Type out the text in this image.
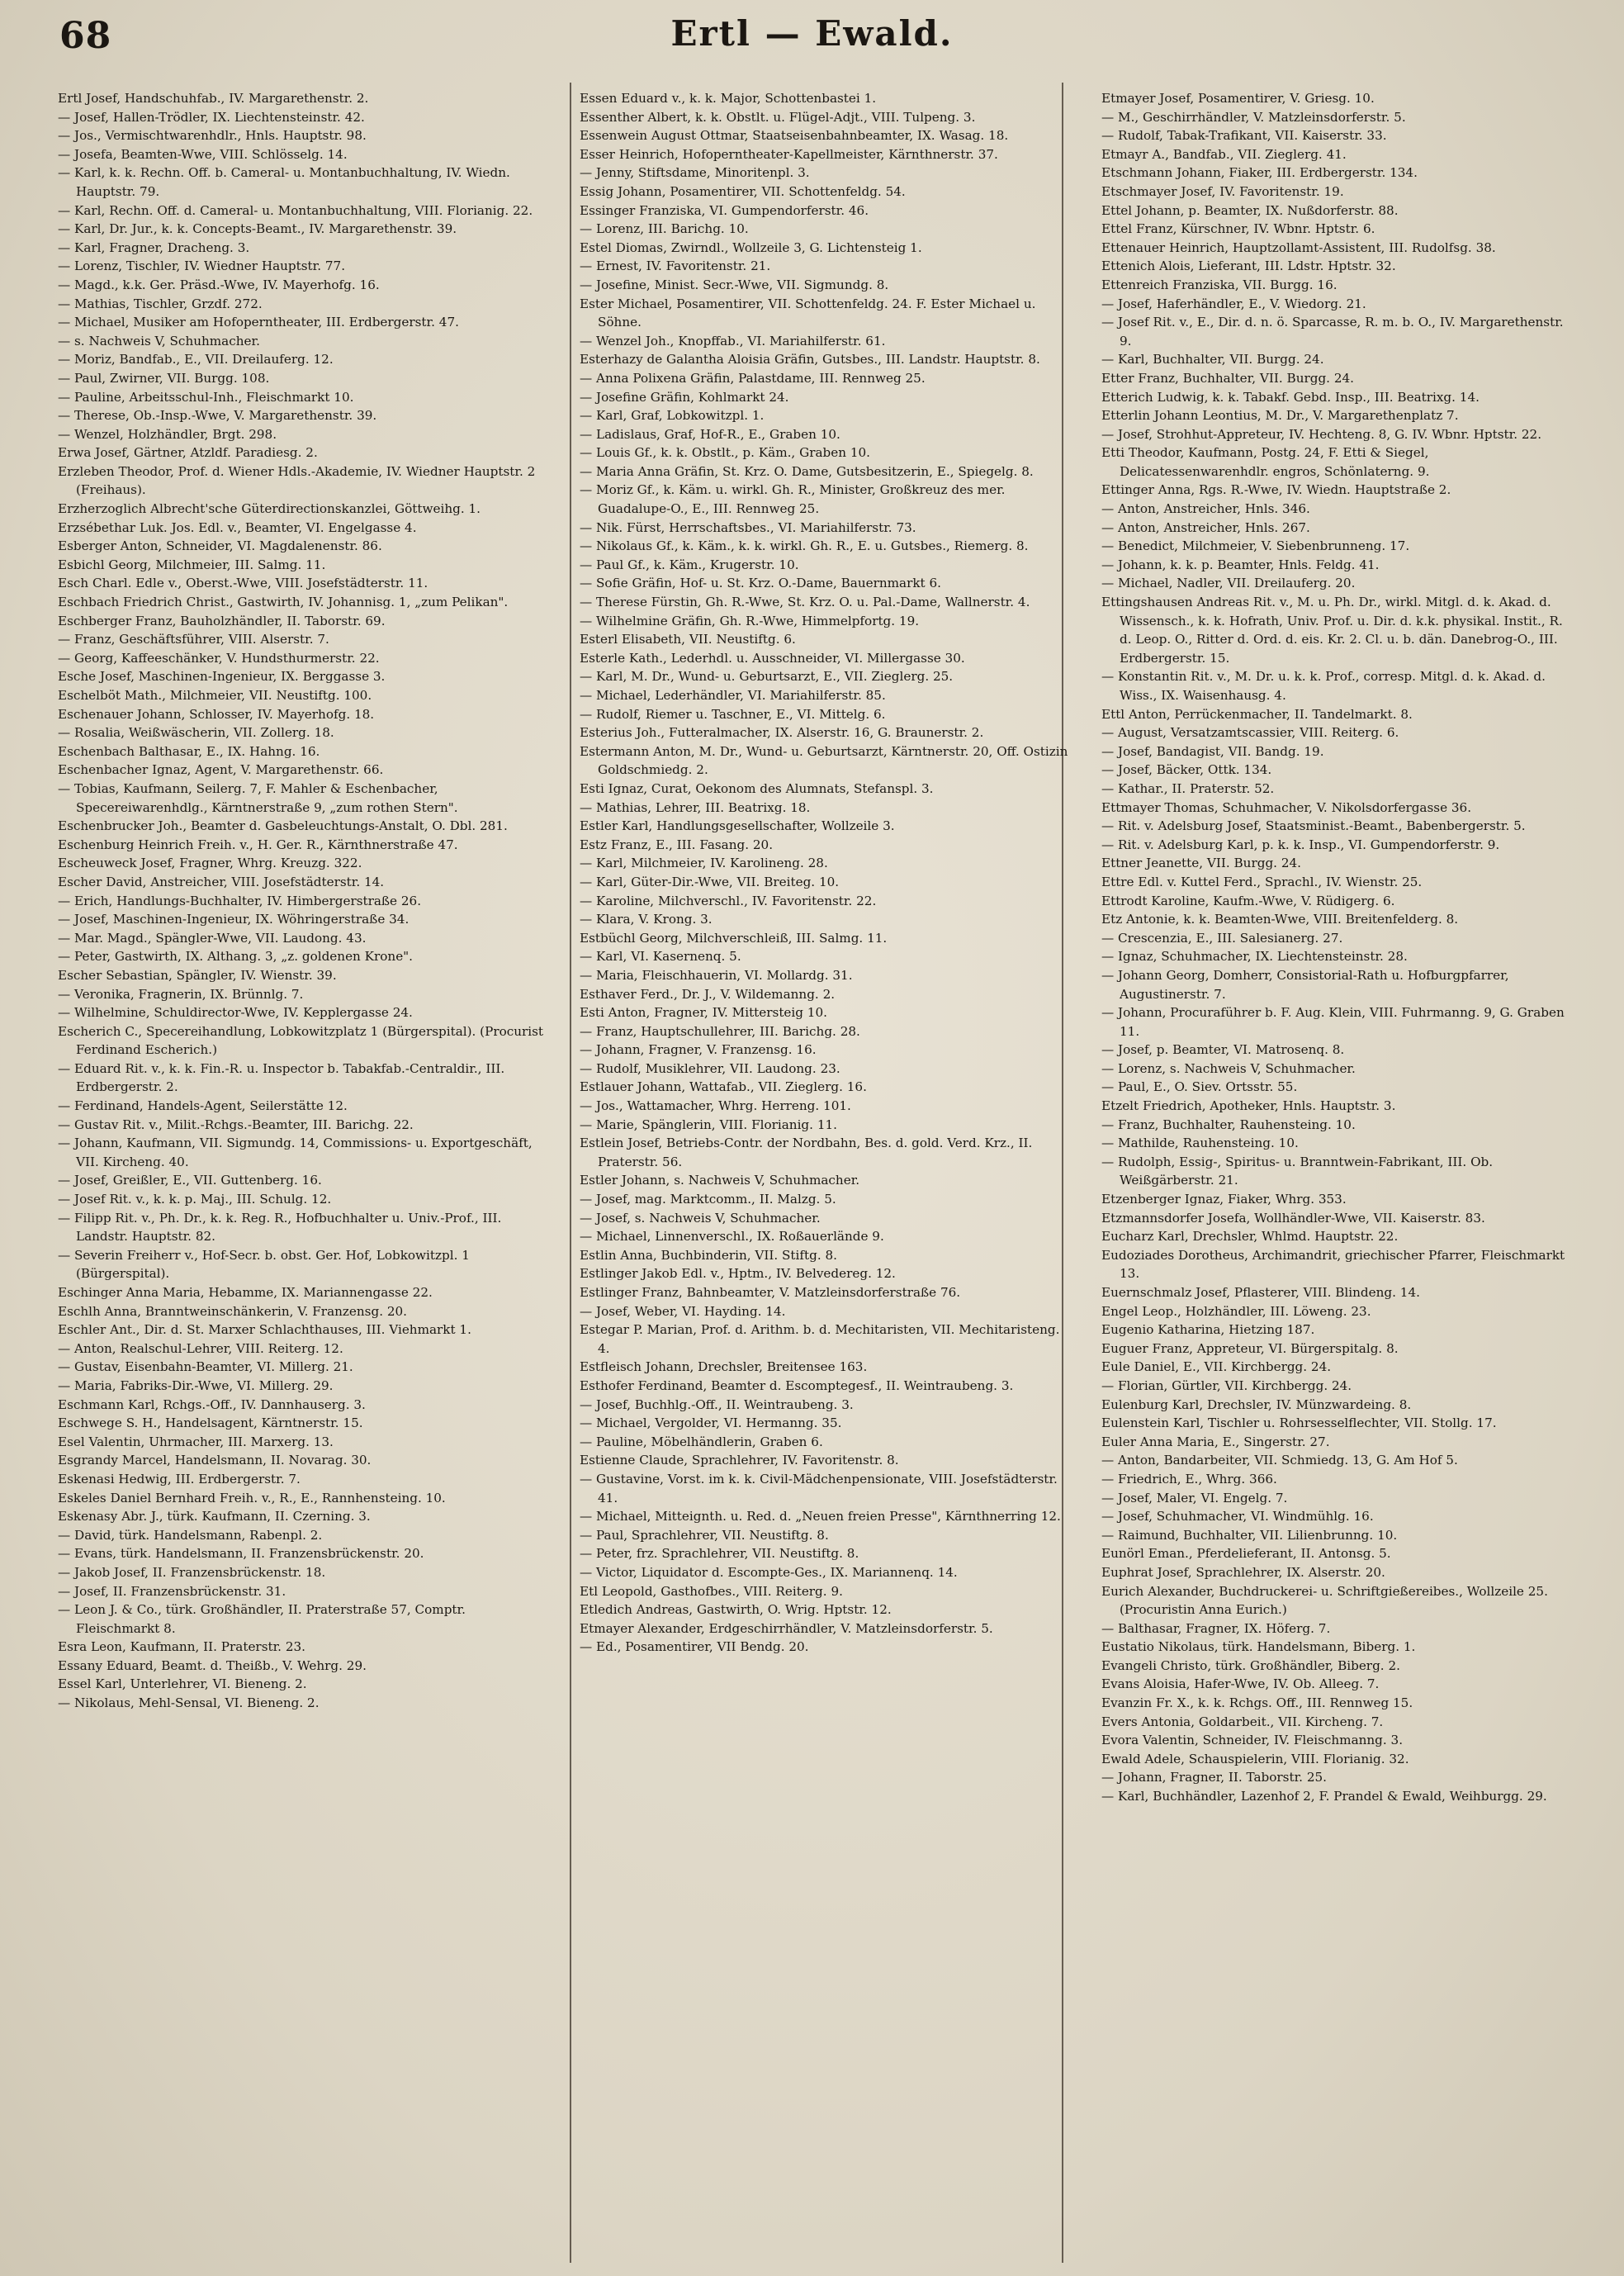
68	Ertl — Ewald.

Ertl Josef, Handschuhfab., IV. Margarethenstr. 2.

— Josef, Hallen-Trödler, IX. Liechtensteinstr. 42.

— Jos., Vermischtwarenhdlr., Hnls. Hauptstr. 98.

— Josefa, Beamten-Wwe, VIII. Schlösselg. 14.

— Karl, k. k. Rechn. Off. b. Cameral- u. Montanbuchhaltung, IV. Wiedn. Hauptstr. 79.

— Karl, Rechn. Off. d. Cameral- u. Montanbuchhaltung, VIII. Florianig. 22.

— Karl, Dr. Jur., k. k. Concepts-Beamt., IV. Margarethenstr. 39.

— Karl, Fragner, Dracheng. 3.

— Lorenz, Tischler, IV. Wiedner Hauptstr. 77.

— Magd., k.k. Ger. Präsd.-Wwe, IV. Mayerhofg. 16.

— Mathias, Tischler, Grzdf. 272.

— Michael, Musiker am Hofoperntheater, III. Erdbergerstr. 47.

— s. Nachweis V, Schuhmacher.

— Moriz, Bandfab., E., VII. Dreilauferg. 12.

— Paul, Zwirner, VII. Burgg. 108.

— Pauline, Arbeitsschul-Inh., Fleischmarkt 10.

— Therese, Ob.-Insp.-Wwe, V. Margarethenstr. 39.

— Wenzel, Holzhändler, Brgt. 298.

Erwa Josef, Gärtner, Atzldf. Paradiesg. 2.

Erzleben Theodor, Prof. d. Wiener Hdls.-Akademie, IV. Wiedner Hauptstr. 2 (Freihaus).

Erzherzoglich Albrecht'sche Güterdirectionskanzlei, Göttweihg. 1.

Erzsébethar Luk. Jos. Edl. v., Beamter, VI. Engelgasse 4.

Esberger Anton, Schneider, VI. Magdalenenstr. 86.

Esbichl Georg, Milchmeier, III. Salmg. 11.

Esch Charl. Edle v., Oberst.-Wwe, VIII. Josefstädterstr. 11.

Eschbach Friedrich Christ., Gastwirth, IV. Johannisg. 1, „zum Pelikan".

Eschberger Franz, Bauholzhändler, II. Taborstr. 69.

— Franz, Geschäftsführer, VIII. Alserstr. 7.

— Georg, Kaffeeschänker, V. Hundsthurmerstr. 22.

Esche Josef, Maschinen-Ingenieur, IX. Berggasse 3.

Eschelböt Math., Milchmeier, VII. Neustiftg. 100.

Eschenauer Johann, Schlosser, IV. Mayerhofg. 18.

— Rosalia, Weißwäscherin, VII. Zollerg. 18.

Eschenbach Balthasar, E., IX. Hahng. 16.

Eschenbacher Ignaz, Agent, V. Margarethenstr. 66.

— Tobias, Kaufmann, Seilerg. 7, F. Mahler & Eschenbacher, Specereiwarenhdlg., Kärntnerstraße 9, „zum rothen Stern".

Eschenbrucker Joh., Beamter d. Gasbeleuchtungs-Anstalt, O. Dbl. 281.

Eschenburg Heinrich Freih. v., H. Ger. R., Kärnthnerstraße 47.

Escheuweck Josef, Fragner, Whrg. Kreuzg. 322.

Escher David, Anstreicher, VIII. Josefstädterstr. 14.

— Erich, Handlungs-Buchhalter, IV. Himbergerstraße 26.

— Josef, Maschinen-Ingenieur, IX. Wöhringerstraße 34.

— Mar. Magd., Spängler-Wwe, VII. Laudong. 43.

— Peter, Gastwirth, IX. Althang. 3, „z. goldenen Krone".

Escher Sebastian, Spängler, IV. Wienstr. 39.

— Veronika, Fragnerin, IX. Brünnlg. 7.

— Wilhelmine, Schuldirector-Wwe, IV. Kepplergasse 24.

Escherich C., Specereihandlung, Lobkowitzplatz 1 (Bürgerspital). (Procurist Ferdinand Escherich.)

— Eduard Rit. v., k. k. Fin.-R. u. Inspector b. Tabakfab.-Centraldir., III. Erdbergerstr. 2.

— Ferdinand, Handels-Agent, Seilerstätte 12.

— Gustav Rit. v., Milit.-Rchgs.-Beamter, III. Barichg. 22.

— Johann, Kaufmann, VII. Sigmundg. 14, Commissions- u. Exportgeschäft, VII. Kircheng. 40.

— Josef, Greißler, E., VII. Guttenberg. 16.

— Josef Rit. v., k. k. p. Maj., III. Schulg. 12.

— Filipp Rit. v., Ph. Dr., k. k. Reg. R., Hofbuchhalter u. Univ.-Prof., III. Landstr. Hauptstr. 82.

— Severin Freiherr v., Hof-Secr. b. obst. Ger. Hof, Lobkowitzpl. 1 (Bürgerspital).

Eschinger Anna Maria, Hebamme, IX. Mariannengasse 22.

Eschlh Anna, Branntweinschänkerin, V. Franzensg. 20.

Eschler Ant., Dir. d. St. Marxer Schlachthauses, III. Viehmarkt 1.

— Anton, Realschul-Lehrer, VIII. Reiterg. 12.

— Gustav, Eisenbahn-Beamter, VI. Millerg. 21.

— Maria, Fabriks-Dir.-Wwe, VI. Millerg. 29.

Eschmann Karl, Rchgs.-Off., IV. Dannhauserg. 3.

Eschwege S. H., Handelsagent, Kärntnerstr. 15.

Esel Valentin, Uhrmacher, III. Marxerg. 13.

Esgrandy Marcel, Handelsmann, II. Novarag. 30.

Eskenasi Hedwig, III. Erdbergerstr. 7.

Eskeles Daniel Bernhard Freih. v., R., E., Rannhensteing. 10.

Eskenasy Abr. J., türk. Kaufmann, II. Czerning. 3.

— David, türk. Handelsmann, Rabenpl. 2.

— Evans, türk. Handelsmann, II. Franzensbrückenstr. 20.

— Jakob Josef, II. Franzensbrückenstr. 18.

— Josef, II. Franzensbrückenstr. 31.

— Leon J. & Co., türk. Großhändler, II. Praterstraße 57, Comptr. Fleischmarkt 8.

Esra Leon, Kaufmann, II. Praterstr. 23.

Essany Eduard, Beamt. d. Theißb., V. Wehrg. 29.

Essel Karl, Unterlehrer, VI. Bieneng. 2.

— Nikolaus, Mehl-Sensal, VI. Bieneng. 2.

Essen Eduard v., k. k. Major, Schottenbastei 1.

Essenther Albert, k. k. Obstlt. u. Flügel-Adjt., VIII. Tulpeng. 3.

Essenwein August Ottmar, Staatseisenbahnbeamter, IX. Wasag. 18.

Esser Heinrich, Hofoperntheater-Kapellmeister, Kärnthnerstr. 37.

— Jenny, Stiftsdame, Minoritenpl. 3.

Essig Johann, Posamentirer, VII. Schottenfeldg. 54.

Essinger Franziska, VI. Gumpendorferstr. 46.

— Lorenz, III. Barichg. 10.

Estel Diomas, Zwirndl., Wollzeile 3, G. Lichtensteig 1.

— Ernest, IV. Favoritenstr. 21.

— Josefine, Minist. Secr.-Wwe, VII. Sigmundg. 8.

Ester Michael, Posamentirer, VII. Schottenfeldg. 24. F. Ester Michael u. Söhne.

— Wenzel Joh., Knopffab., VI. Mariahilferstr. 61.

Esterhazy de Galantha Aloisia Gräfin, Gutsbes., III. Landstr. Hauptstr. 8.

— Anna Polixena Gräfin, Palastdame, III. Rennweg 25.

— Josefine Gräfin, Kohlmarkt 24.

— Karl, Graf, Lobkowitzpl. 1.

— Ladislaus, Graf, Hof-R., E., Graben 10.

— Louis Gf., k. k. Obstlt., p. Käm., Graben 10.

— Maria Anna Gräfin, St. Krz. O. Dame, Gutsbesitzerin, E., Spiegelg. 8.

— Moriz Gf., k. Käm. u. wirkl. Gh. R., Minister, Großkreuz des mer. Guadalupe-O., E., III. Rennweg 25.

— Nik. Fürst, Herrschaftsbes., VI. Mariahilferstr. 73.

— Nikolaus Gf., k. Käm., k. k. wirkl. Gh. R., E. u. Gutsbes., Riemerg. 8.

— Paul Gf., k. Käm., Krugerstr. 10.

— Sofie Gräfin, Hof- u. St. Krz. O.-Dame, Bauernmarkt 6.

— Therese Fürstin, Gh. R.-Wwe, St. Krz. O. u. Pal.-Dame, Wallnerstr. 4.

— Wilhelmine Gräfin, Gh. R.-Wwe, Himmelpfortg. 19.

Esterl Elisabeth, VII. Neustiftg. 6.

Esterle Kath., Lederhdl. u. Ausschneider, VI. Millergasse 30.

— Karl, M. Dr., Wund- u. Geburtsarzt, E., VII. Zieglerg. 25.

— Michael, Lederhändler, VI. Mariahilferstr. 85.

— Rudolf, Riemer u. Taschner, E., VI. Mittelg. 6.

Esterius Joh., Futteralmacher, IX. Alserstr. 16, G. Braunerstr. 2.

Estermann Anton, M. Dr., Wund- u. Geburtsarzt, Kärntnerstr. 20, Off. Ostizin Goldschmiedg. 2.

Esti Ignaz, Curat, Oekonom des Alumnats, Stefanspl. 3.

— Mathias, Lehrer, III. Beatrixg. 18.

Estler Karl, Handlungsgesellschafter, Wollzeile 3.

Estz Franz, E., III. Fasang. 20.

— Karl, Milchmeier, IV. Karolineng. 28.

— Karl, Güter-Dir.-Wwe, VII. Breiteg. 10.

— Karoline, Milchverschl., IV. Favoritenstr. 22.

— Klara, V. Krong. 3.

Estbüchl Georg, Milchverschleiß, III. Salmg. 11.

— Karl, VI. Kasernenq. 5.

— Maria, Fleischhauerin, VI. Mollardg. 31.

Esthaver Ferd., Dr. J., V. Wildemanng. 2.

Esti Anton, Fragner, IV. Mittersteig 10.

— Franz, Hauptschullehrer, III. Barichg. 28.

— Johann, Fragner, V. Franzensg. 16.

— Rudolf, Musiklehrer, VII. Laudong. 23.

Estlauer Johann, Wattafab., VII. Zieglerg. 16.

— Jos., Wattamacher, Whrg. Herreng. 101.

— Marie, Spänglerin, VIII. Florianig. 11.

Estlein Josef, Betriebs-Contr. der Nordbahn, Bes. d. gold. Verd. Krz., II. Praterstr. 56.

Estler Johann, s. Nachweis V, Schuhmacher.

— Josef, mag. Marktcomm., II. Malzg. 5.

— Josef, s. Nachweis V, Schuhmacher.

— Michael, Linnenverschl., IX. Roßauerlände 9.

Estlin Anna, Buchbinderin, VII. Stiftg. 8.

Estlinger Jakob Edl. v., Hptm., IV. Belvedereg. 12.

Estlinger Franz, Bahnbeamter, V. Matzleinsdorferstraße 76.

— Josef, Weber, VI. Hayding. 14.

Estegar P. Marian, Prof. d. Arithm. b. d. Mechitaristen, VII. Mechitaristeng. 4.

Estfleisch Johann, Drechsler, Breitensee 163.

Esthofer Ferdinand, Beamter d. Escomptegesf., II. Weintraubeng. 3.

— Josef, Buchhlg.-Off., II. Weintraubeng. 3.

— Michael, Vergolder, VI. Hermanng. 35.

— Pauline, Möbelhändlerin, Graben 6.

Estienne Claude, Sprachlehrer, IV. Favoritenstr. 8.

— Gustavine, Vorst. im k. k. Civil-Mädchenpensionate, VIII. Josefstädterstr. 41.

— Michael, Mitteignth. u. Red. d. „Neuen freien Presse", Kärnthnerring 12.

— Paul, Sprachlehrer, VII. Neustiftg. 8.

— Peter, frz. Sprachlehrer, VII. Neustiftg. 8.

— Victor, Liquidator d. Escompte-Ges., IX. Mariannenq. 14.

Etl Leopold, Gasthofbes., VIII. Reiterg. 9.

Etledich Andreas, Gastwirth, O. Wrig. Hptstr. 12.

Etmayer Alexander, Erdgeschirrhändler, V. Matzleinsdorferstr. 5.

— Ed., Posamentirer, VII Bendg. 20.

Etmayer Josef, Posamentirer, V. Griesg. 10.

— M., Geschirrhändler, V. Matzleinsdorferstr. 5.

— Rudolf, Tabak-Trafikant, VII. Kaiserstr. 33.

Etmayr A., Bandfab., VII. Zieglerg. 41.

Etschmann Johann, Fiaker, III. Erdbergerstr. 134.

Etschmayer Josef, IV. Favoritenstr. 19.

Ettel Johann, p. Beamter, IX. Nußdorferstr. 88.

Ettel Franz, Kürschner, IV. Wbnr. Hptstr. 6.

Ettenauer Heinrich, Hauptzollamt-Assistent, III. Rudolfsg. 38.

Ettenich Alois, Lieferant, III. Ldstr. Hptstr. 32.

Ettenreich Franziska, VII. Burgg. 16.

— Josef, Haferhändler, E., V. Wiedorg. 21.

— Josef Rit. v., E., Dir. d. n. ö. Sparcasse, R. m. b. O., IV. Margarethenstr. 9.

— Karl, Buchhalter, VII. Burgg. 24.

Etter Franz, Buchhalter, VII. Burgg. 24.

Etterich Ludwig, k. k. Tabakf. Gebd. Insp., III. Beatrixg. 14.

Etterlin Johann Leontius, M. Dr., V. Margarethenplatz 7.

— Josef, Strohhut-Appreteur, IV. Hechteng. 8, G. IV. Wbnr. Hptstr. 22.

Etti Theodor, Kaufmann, Postg. 24, F. Etti & Siegel, Delicatessenwarenhdlr. engros, Schönlaterng. 9.

Ettinger Anna, Rgs. R.-Wwe, IV. Wiedn. Hauptstraße 2.

— Anton, Anstreicher, Hnls. 346.

— Anton, Anstreicher, Hnls. 267.

— Benedict, Milchmeier, V. Siebenbrunneng. 17.

— Johann, k. k. p. Beamter, Hnls. Feldg. 41.

— Michael, Nadler, VII. Dreilauferg. 20.

Ettingshausen Andreas Rit. v., M. u. Ph. Dr., wirkl. Mitgl. d. k. Akad. d. Wissensch., k. k. Hofrath, Univ. Prof. u. Dir. d. k.k. physikal. Instit., R. d. Leop. O., Ritter d. Ord. d. eis. Kr. 2. Cl. u. b. dän. Danebrog-O., III. Erdbergerstr. 15.

— Konstantin Rit. v., M. Dr. u. k. k. Prof., corresp. Mitgl. d. k. Akad. d. Wiss., IX. Waisenhausg. 4.

Ettl Anton, Perrückenmacher, II. Tandelmarkt. 8.

— August, Versatzamtscassier, VIII. Reiterg. 6.

— Josef, Bandagist, VII. Bandg. 19.

— Josef, Bäcker, Ottk. 134.

— Kathar., II. Praterstr. 52.

Ettmayer Thomas, Schuhmacher, V. Nikolsdorfergasse 36.

— Rit. v. Adelsburg Josef, Staatsminist.-Beamt., Babenbergerstr. 5.

— Rit. v. Adelsburg Karl, p. k. k. Insp., VI. Gumpendorferstr. 9.

Ettner Jeanette, VII. Burgg. 24.

Ettre Edl. v. Kuttel Ferd., Sprachl., IV. Wienstr. 25.

Ettrodt Karoline, Kaufm.-Wwe, V. Rüdigerg. 6.

Etz Antonie, k. k. Beamten-Wwe, VIII. Breitenfelderg. 8.

— Crescenzia, E., III. Salesianerg. 27.

— Ignaz, Schuhmacher, IX. Liechtensteinstr. 28.

— Johann Georg, Domherr, Consistorial-Rath u. Hofburgpfarrer, Augustinerstr. 7.

— Johann, Procuraführer b. F. Aug. Klein, VIII. Fuhrmanng. 9, G. Graben 11.

— Josef, p. Beamter, VI. Matrosenq. 8.

— Lorenz, s. Nachweis V, Schuhmacher.

— Paul, E., O. Siev. Ortsstr. 55.

Etzelt Friedrich, Apotheker, Hnls. Hauptstr. 3.

— Franz, Buchhalter, Rauhensteing. 10.

— Mathilde, Rauhensteing. 10.

— Rudolph, Essig-, Spiritus- u. Branntwein-Fabrikant, III. Ob. Weißgärberstr. 21.

Etzenberger Ignaz, Fiaker, Whrg. 353.

Etzmannsdorfer Josefa, Wollhändler-Wwe, VII. Kaiserstr. 83.

Eucharz Karl, Drechsler, Whlmd. Hauptstr. 22.

Eudoziades Dorotheus, Archimandrit, griechischer Pfarrer, Fleischmarkt 13.

Euernschmalz Josef, Pflasterer, VIII. Blindeng. 14.

Engel Leop., Holzhändler, III. Löweng. 23.

Eugenio Katharina, Hietzing 187.

Euguer Franz, Appreteur, VI. Bürgerspitalg. 8.

Eule Daniel, E., VII. Kirchbergg. 24.

— Florian, Gürtler, VII. Kirchbergg. 24.

Eulenburg Karl, Drechsler, IV. Münzwardeing. 8.

Eulenstein Karl, Tischler u. Rohrsesselflechter, VII. Stollg. 17.

Euler Anna Maria, E., Singerstr. 27.

— Anton, Bandarbeiter, VII. Schmiedg. 13, G. Am Hof 5.

— Friedrich, E., Whrg. 366.

— Josef, Maler, VI. Engelg. 7.

— Josef, Schuhmacher, VI. Windmühlg. 16.

— Raimund, Buchhalter, VII. Lilienbrunng. 10.

Eunörl Eman., Pferdelieferant, II. Antonsg. 5.

Euphrat Josef, Sprachlehrer, IX. Alserstr. 20.

Eurich Alexander, Buchdruckerei- u. Schriftgießereibes., Wollzeile 25. (Procuristin Anna Eurich.)

— Balthasar, Fragner, IX. Höferg. 7.

Eustatio Nikolaus, türk. Handelsmann, Biberg. 1.

Evangeli Christo, türk. Großhändler, Biberg. 2.

Evans Aloisia, Hafer-Wwe, IV. Ob. Alleeg. 7.

Evanzin Fr. X., k. k. Rchgs. Off., III. Rennweg 15.

Evers Antonia, Goldarbeit., VII. Kircheng. 7.

Evora Valentin, Schneider, IV. Fleischmanng. 3.

Ewald Adele, Schauspielerin, VIII. Florianig. 32.

— Johann, Fragner, II. Taborstr. 25.

— Karl, Buchhändler, Lazenhof 2, F. Prandel & Ewald, Weihburgg. 29.
